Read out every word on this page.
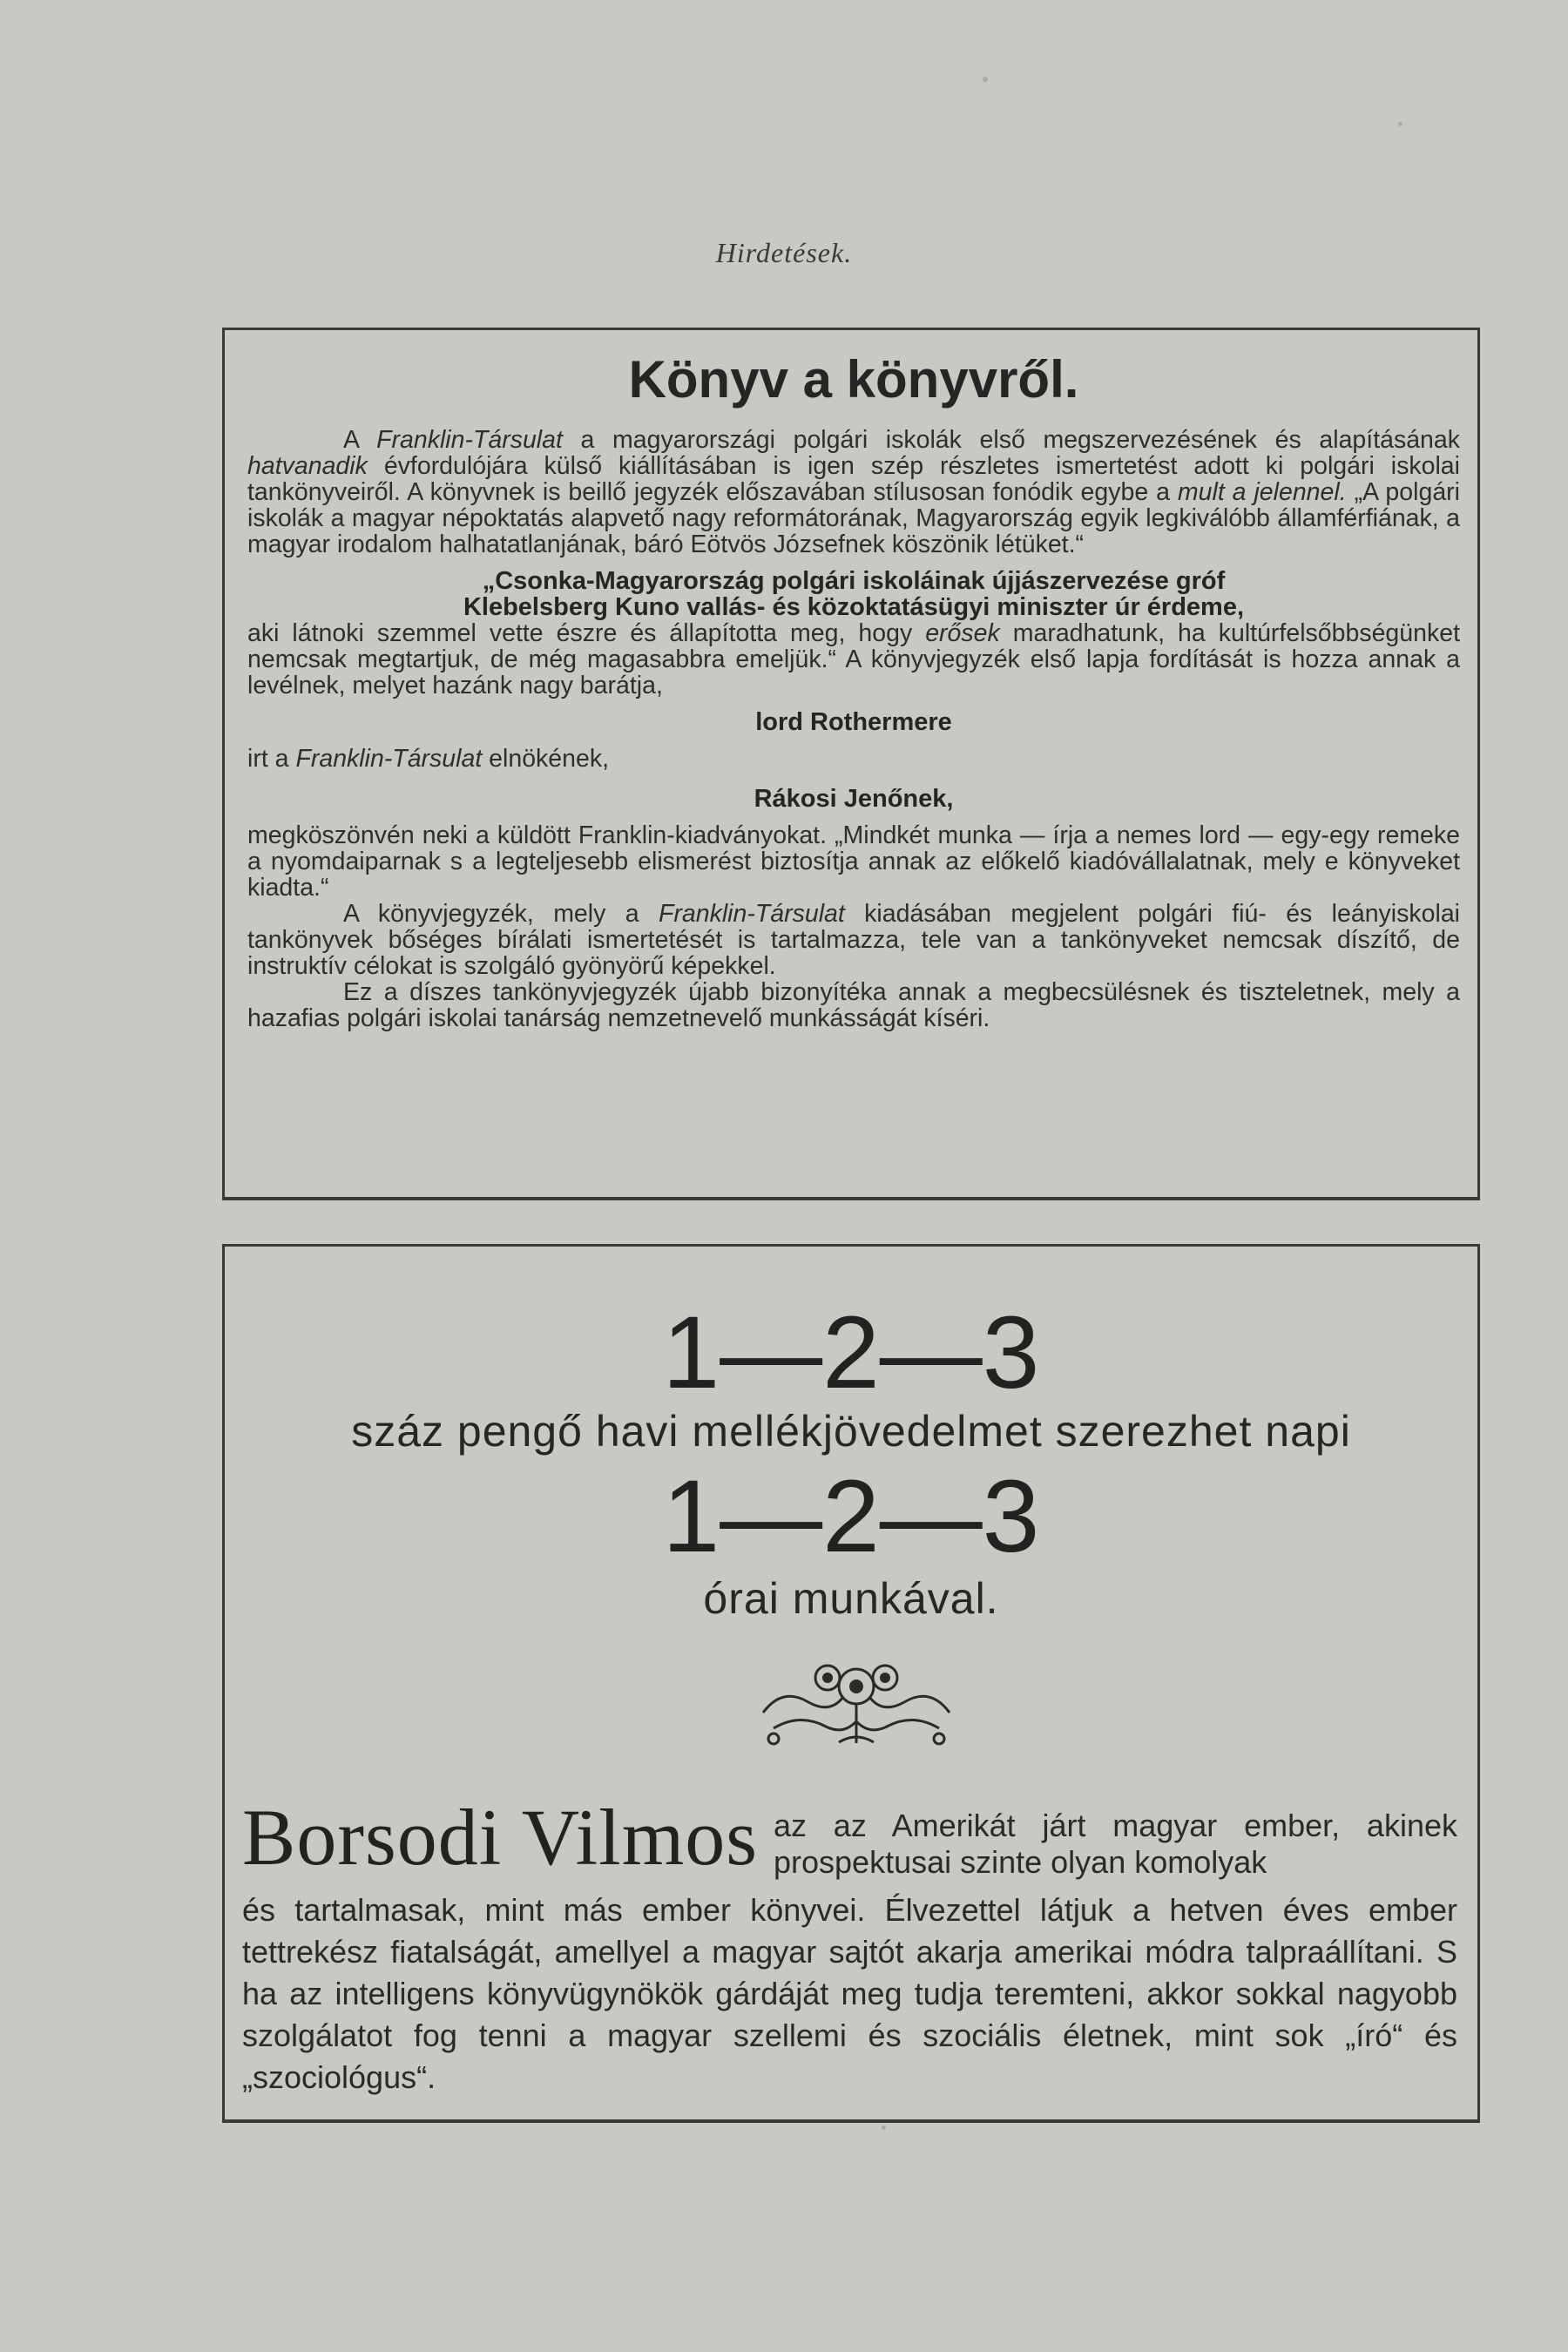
Hirdetések.
Könyv a könyvről.

A Franklin-Társulat a magyarországi polgári iskolák első megszervezésének és alapításának hatvanadik évfordulójára külső kiállításában is igen szép részletes ismertetést adott ki polgári iskolai tankönyveiről. A könyvnek is beillő jegyzék előszavában stílusosan fonódik egybe a mult a jelennel. „A polgári iskolák a magyar népoktatás alapvető nagy reformátorának, Magyarország egyik legkiválóbb államférfiának, a magyar irodalom halhatatlanjának, báró Eötvös Józsefnek köszönik létüket.“

„Csonka-Magyarország polgári iskoláinak újjászervezése gróf
Klebelsberg Kuno vallás- és közoktatásügyi miniszter úr érdeme,

aki látnoki szemmel vette észre és állapította meg, hogy erősek maradhatunk, ha kultúrfelsőbbségünket nemcsak megtartjuk, de még magasabbra emeljük.“ A könyvjegyzék első lapja fordítását is hozza annak a levélnek, melyet hazánk nagy barátja,

lord Rothermere

irt a Franklin-Társulat elnökének,

Rákosi Jenőnek,

megköszönvén neki a küldött Franklin-kiadványokat. „Mindkét munka — írja a nemes lord — egy-egy remeke a nyomdaiparnak s a legteljesebb elismerést biztosítja annak az előkelő kiadóvállalatnak, mely e könyveket kiadta.“

A könyvjegyzék, mely a Franklin-Társulat kiadásában megjelent polgári fiú- és leányiskolai tankönyvek bőséges bírálati ismertetését is tartalmazza, tele van a tankönyveket nemcsak díszítő, de instruktív célokat is szolgáló gyönyörű képekkel.

Ez a díszes tankönyvjegyzék újabb bizonyítéka annak a megbecsülésnek és tiszteletnek, mely a hazafias polgári iskolai tanárság nemzetnevelő munkásságát kíséri.

1—2—3
száz pengő havi mellékjövedelmet szerezhet napi
1—2—3
órai munkával.
Borsodi Vilmos az az Amerikát járt magyar ember, akinek prospektusai szinte olyan komolyak
és tartalmasak, mint más ember könyvei. Élvezettel látjuk a hetven éves ember tettrekész fiatalságát, amellyel a magyar sajtót akarja amerikai módra talpraállítani. S ha az intelligens könyvügynökök gárdáját meg tudja teremteni, akkor sokkal nagyobb szolgálatot fog tenni a magyar szellemi és szociális életnek, mint sok „író“ és „szociológus“.
